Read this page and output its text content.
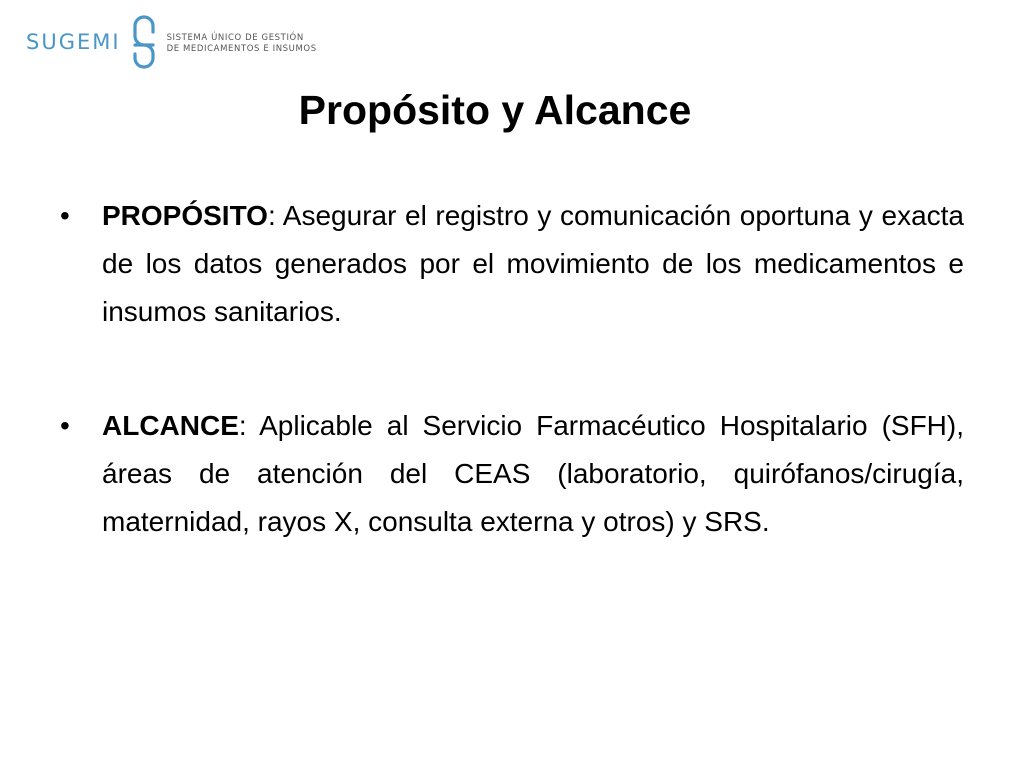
SUGEMI	SISTEMA ÚNICO DE GESTIÓN
DE MEDICAMENTOS E INSUMOS
Propósito y Alcance
• PROPÓSITO: Asegurar el registro y comunicación oportuna y exacta de los datos generados por el movimiento de los medicamentos e insumos sanitarios.
• ALCANCE: Aplicable al Servicio Farmacéutico Hospitalario (SFH), áreas de atención del CEAS (laboratorio, quirófanos/cirugía, maternidad, rayos X, consulta externa y otros) y SRS.
